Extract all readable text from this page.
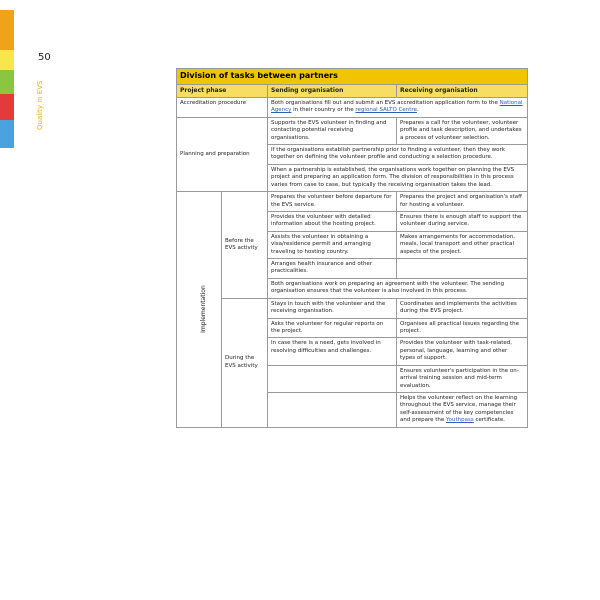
50
Quality in EVS
Division of tasks between partners			
Project phase		Sending organisation	Receiving organisation
Accreditation procedure		Both organisations fill out and submit an EVS accreditation application form to the National Agency in their country or the regional SALTO Centre.	
Planning and preparation		Supports the EVS volunteer in finding and contacting potential receiving organisations.	Prepares a call for the volunteer, volunteer profile and task description, and undertakes a process of volunteer selection.
		If the organisations establish partnership prior to finding a volunteer, then they work together on defining the volunteer profile and conducting a selection procedure.	
		When a partnership is established, the organisations work together on planning the EVS project and preparing an application form. The division of responsibilities in this process varies from case to case, but typically the receiving organisation takes the lead.	
Implementation	Before the EVS activity	Prepares the volunteer before departure for the EVS service.	Prepares the project and organisation's staff for hosting a volunteer.
		Provides the volunteer with detailed information about the hosting project.	Ensures there is enough staff to support the volunteer during service.
		Assists the volunteer in obtaining a visa/residence permit and arranging traveling to hosting country.	Makes arrangements for accommodation, meals, local transport and other practical aspects of the project.
		Arranges health insurance and other practicalities.	
		Both organisations work on preparing an agreement with the volunteer. The sending organisation ensures that the volunteer is also involved in this process.	
	During the EVS activity	Stays in touch with the volunteer and the receiving organisation.	Coordinates and implements the activities during the EVS project.
		Asks the volunteer for regular reports on the project.	Organises all practical issues regarding the project.
		In case there is a need, gets involved in resolving difficulties and challenges.	Provides the volunteer with task-related, personal, language, learning and other types of support.
			Ensures volunteer's participation in the on-arrival training session and mid-term evaluation.
			Helps the volunteer reflect on the learning throughout the EVS service, manage their self-assessment of the key competencies and prepare the Youthpass certificate.
